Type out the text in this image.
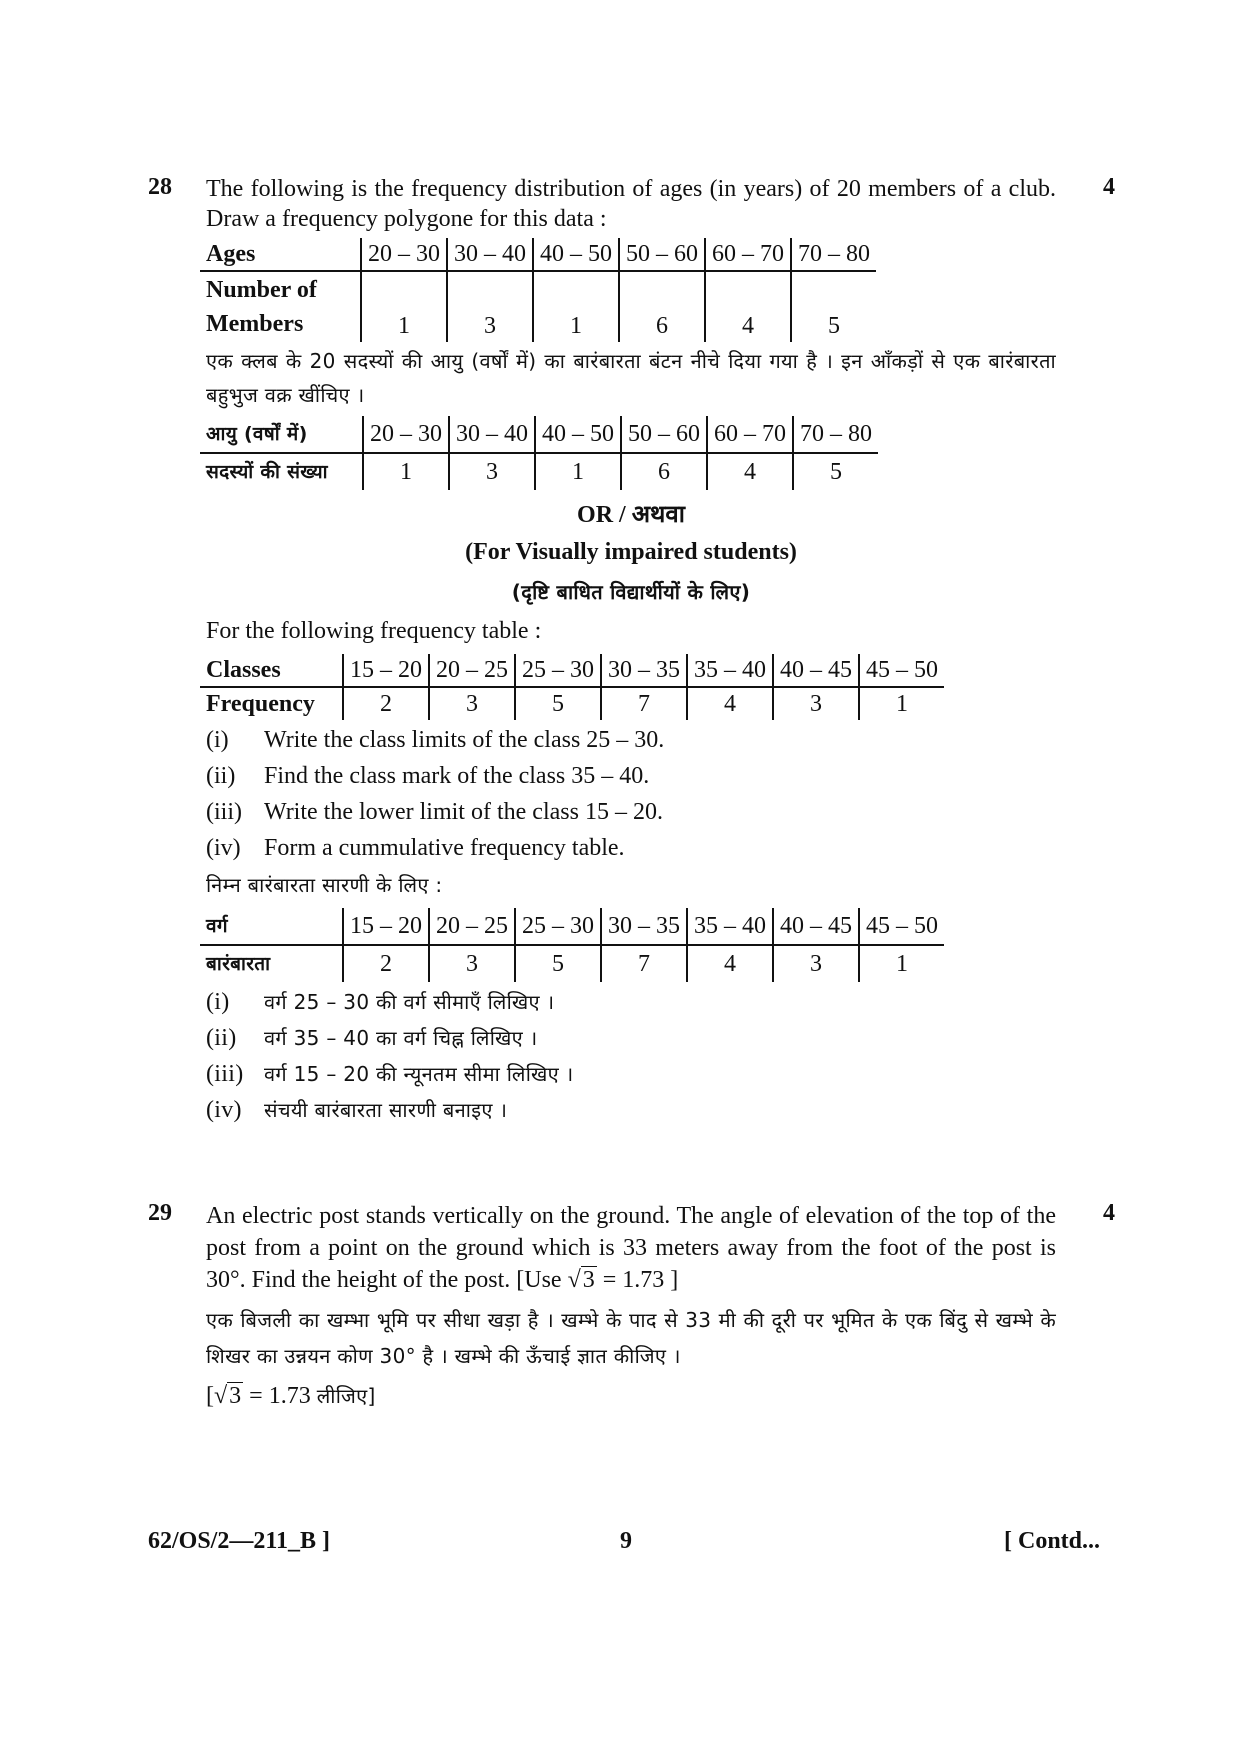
28	4

The following is the frequency distribution of ages (in years) of 20 members of a club. Draw a frequency polygone for this data :

Ages	20 – 30	30 – 40	40 – 50	50 – 60	60 – 70	70 – 80
Number of
Members	1	3	1	6	4	5

एक क्लब के 20 सदस्यों की आयु (वर्षों में) का बारंबारता बंटन नीचे दिया गया है । इन आँकड़ों से एक बारंबारता बहुभुज वक्र खींचिए ।

आयु (वर्षों में)	20 – 30	30 – 40	40 – 50	50 – 60	60 – 70	70 – 80
सदस्यों की संख्या	1	3	1	6	4	5

OR / अथवा

(For Visually impaired students)

(दृष्टि बाधित विद्यार्थीयों के लिए)

For the following frequency table :

Classes	15 – 20	20 – 25	25 – 30	30 – 35	35 – 40	40 – 45	45 – 50
Frequency	2	3	5	7	4	3	1
(i)	Write the class limits of the class 25 – 30.
(ii)	Find the class mark of the class 35 – 40.
(iii) Write the lower limit of the class 15 – 20.
(iv) Form a cummulative frequency table.

निम्न बारंबारता सारणी के लिए :

वर्ग	15 – 20	20 – 25	25 – 30	30 – 35	35 – 40	40 – 45	45 – 50
बारंबारता	2	3	5	7	4	3	1
(i)	वर्ग 25 – 30 की वर्ग सीमाएँ लिखिए ।
(ii)	वर्ग 35 – 40 का वर्ग चिह्न लिखिए ।
(iii)	वर्ग 15 – 20 की न्यूनतम सीमा लिखिए ।
(iv)	संचयी बारंबारता सारणी बनाइए ।
29	4

An electric post stands vertically on the ground. The angle of elevation of the top of the post from a point on the ground which is 33 meters away from the foot of the post is 30°. Find the height of the post. [Use √3 = 1.73 ]

एक बिजली का खम्भा भूमि पर सीधा खड़ा है । खम्भे के पाद से 33 मी की दूरी पर भूमित के एक बिंदु से खम्भे के शिखर का उन्नयन कोण 30° है । खम्भे की ऊँचाई ज्ञात कीजिए ।

[√3 = 1.73 लीजिए]

62/OS/2—211_B ]	9	[ Contd...
